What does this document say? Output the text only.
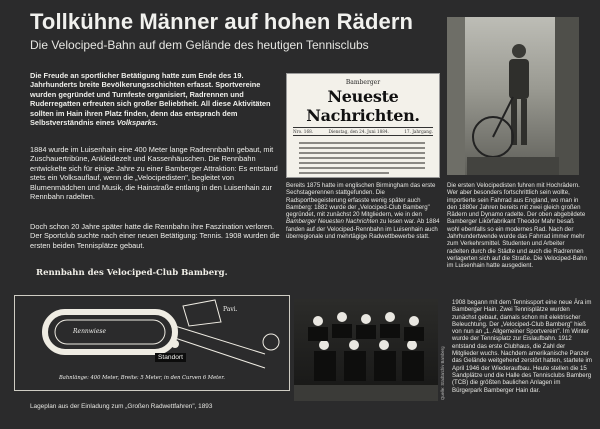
Tollkühne Männer auf hohen Rädern
Die Velociped-Bahn auf dem Gelände des heutigen Tennisclubs
Die Freude an sportlicher Betätigung hatte zum Ende des 19. Jahrhunderts breite Bevölkerungsschichten erfasst. Sportvereine wurden gegründet und Turnfeste organisiert, Radrennen und Ruderregatten erfreuten sich großer Beliebtheit. All diese Aktivitäten sollten im Hain ihren Platz finden, denn das entsprach dem Selbstverständnis eines Volksparks.
1884 wurde im Luisenhain eine 400 Meter lange Radrennbahn gebaut, mit Zuschauertribüne, Ankleidezelt und Kassenhäuschen. Die Rennbahn entwickelte sich für einige Jahre zu einer Bamberger Attraktion: Es entstand stets ein Volksauflauf, wenn die „Velocipedisten", begleitet von Blumenmädchen und Musik, die Hainstraße entlang in den Luisenhain zur Rennbahn radelten.
Doch schon 20 Jahre später hatte die Rennbahn ihre Faszination verloren. Der Sportclub suchte nach einer neuen Betätigung: Tennis. 1908 wurden die ersten beiden Tennisplätze gebaut.
Bamberger
Neueste Nachrichten.
Nro. 168.	Dienstag, den 24. Juni 1884.	17. Jahrgang.
Bereits 1875 hatte im englischen Birmingham das erste Sechstagerennen stattgefunden. Die Radsportbegeisterung erfasste wenig später auch Bamberg: 1882 wurde der „Velociped-Club Bamberg" gegründet, mit zunächst 20 Mitgliedern, wie in den Bamberger Neuesten Nachrichten zu lesen war. Ab 1884 fanden auf der Velociped-Rennbahn im Luisenhain auch überregionale und mehrtägige Radwettbewerbe statt.
Die ersten Velocipedisten fuhren mit Hochrädern. Wer aber besonders fortschrittlich sein wollte, importierte sein Fahrrad aus England, wo man in den 1880er Jahren bereits mit zwei gleich großen Rädern und Dynamo radelte. Der oben abgebildete Bamberger Likörfabrikant Theodor Mahr besaß wohl ebenfalls so ein modernes Rad. Nach der Jahrhundertwende wurde das Fahrrad immer mehr zum Verkehrsmittel. Studenten und Arbeiter radelten durch die Städte und auch die Radrennen verlagerten sich auf die Straße. Die Velociped-Bahn im Luisenhain hatte ausgedient.
Rennbahn des Velociped-Club Bamberg.
Rennwiese
Pavi.
Standort
Bahnlänge: 400 Meter, Breite: 5 Meter, in den Curven 6 Meter.
Lageplan aus der Einladung zum „Großen Radwettfahren", 1893
Quelle: Stadtarchiv Bamberg
1908 begann mit dem Tennissport eine neue Ära im Bamberger Hain. Zwei Tennisplätze wurden zunächst gebaut, damals schon mit elektrischer Beleuchtung. Der „Velociped-Club Bamberg" hieß von nun an „1. Allgemeiner Sportverein". Im Winter wurde der Tennisplatz zur Eislaufbahn. 1912 entstand das erste Clubhaus, die Zahl der Mitglieder wuchs. Nachdem amerikanische Panzer das Gelände weitgehend zerstört hatten, startete im April 1946 der Wiederaufbau. Heute stellen die 15 Sandplätze und die Halle des Tennisclubs Bamberg (TCB) die größten baulichen Anlagen im Bürgerpark Bamberger Hain dar.
